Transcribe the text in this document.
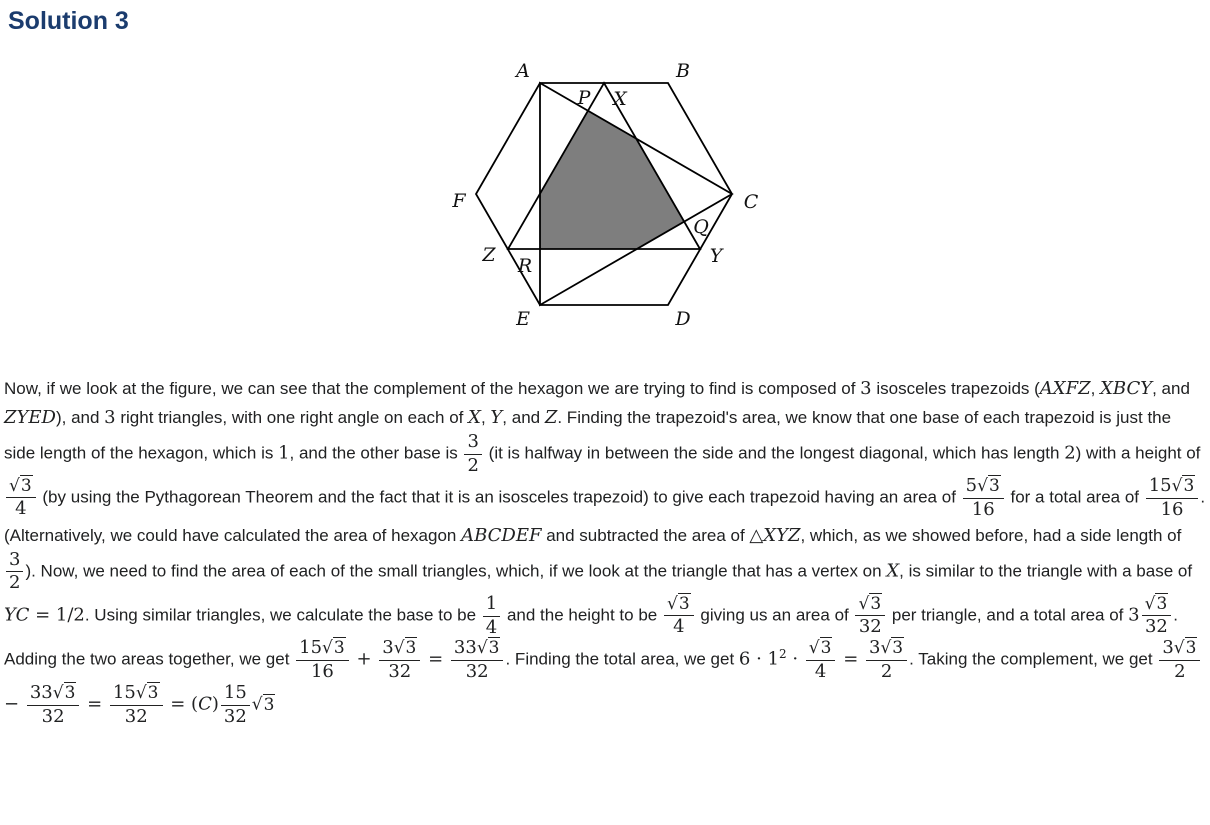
Solution 3
A	B
C
D
E
F
P X
Q
Y
Z R

Now, if we look at the figure, we can see that the complement of the hexagon we are trying to find is composed of 3 isosceles trapezoids (AXFZ, XBCY, and ZYED), and 3 right triangles, with one right angle on each of X, Y, and Z. Finding the trapezoid's area, we know that one base of each trapezoid is just the side length of the hexagon, which is 1, and the other base is $\frac{3}{2} (it$ is halfway in between the side and the longest diagonal, which has length 2) with a height of
$\frac{√3}{4} (by$ using the Pythagorean Theorem and the fact that it is an isosceles trapezoid) to give each trapezoid having an area of $\frac{5√3}{16}$ for a total area of $\frac{15√3}{16}$ . (Alternatively, we could have calculated the area of hexagon ABCDEF and subtracted the area of △XYZ, which, as we showed before, had a side length of
$\frac{3}{2}$ ). Now, we need to find the area of each of the small triangles, which, if we look at the triangle that has a vertex on X, is similar to the triangle with a base of YC = 1/2. Using similar triangles, we calculate the base to be $\frac{1}{4}$ and the height to be $\frac{√3}{4}$ giving us an area of $\frac{√3}{32}$ per triangle, and a total area of $3 \frac{√3}{32}$ . Adding the two areas together, we get $\frac{15√3}{16} + \frac{3√3}{32} = \frac{33√3}{32}$ . Finding the total area, we get $6 \cdot 1^2 \cdot \frac{√3}{4} = \frac{3√3}{2}$ . Taking the complement, we get $\frac{3√3}{2}$
− $\frac{33√3}{32} = \frac{15√3}{32} = (C) \frac{15}{32} √3$
